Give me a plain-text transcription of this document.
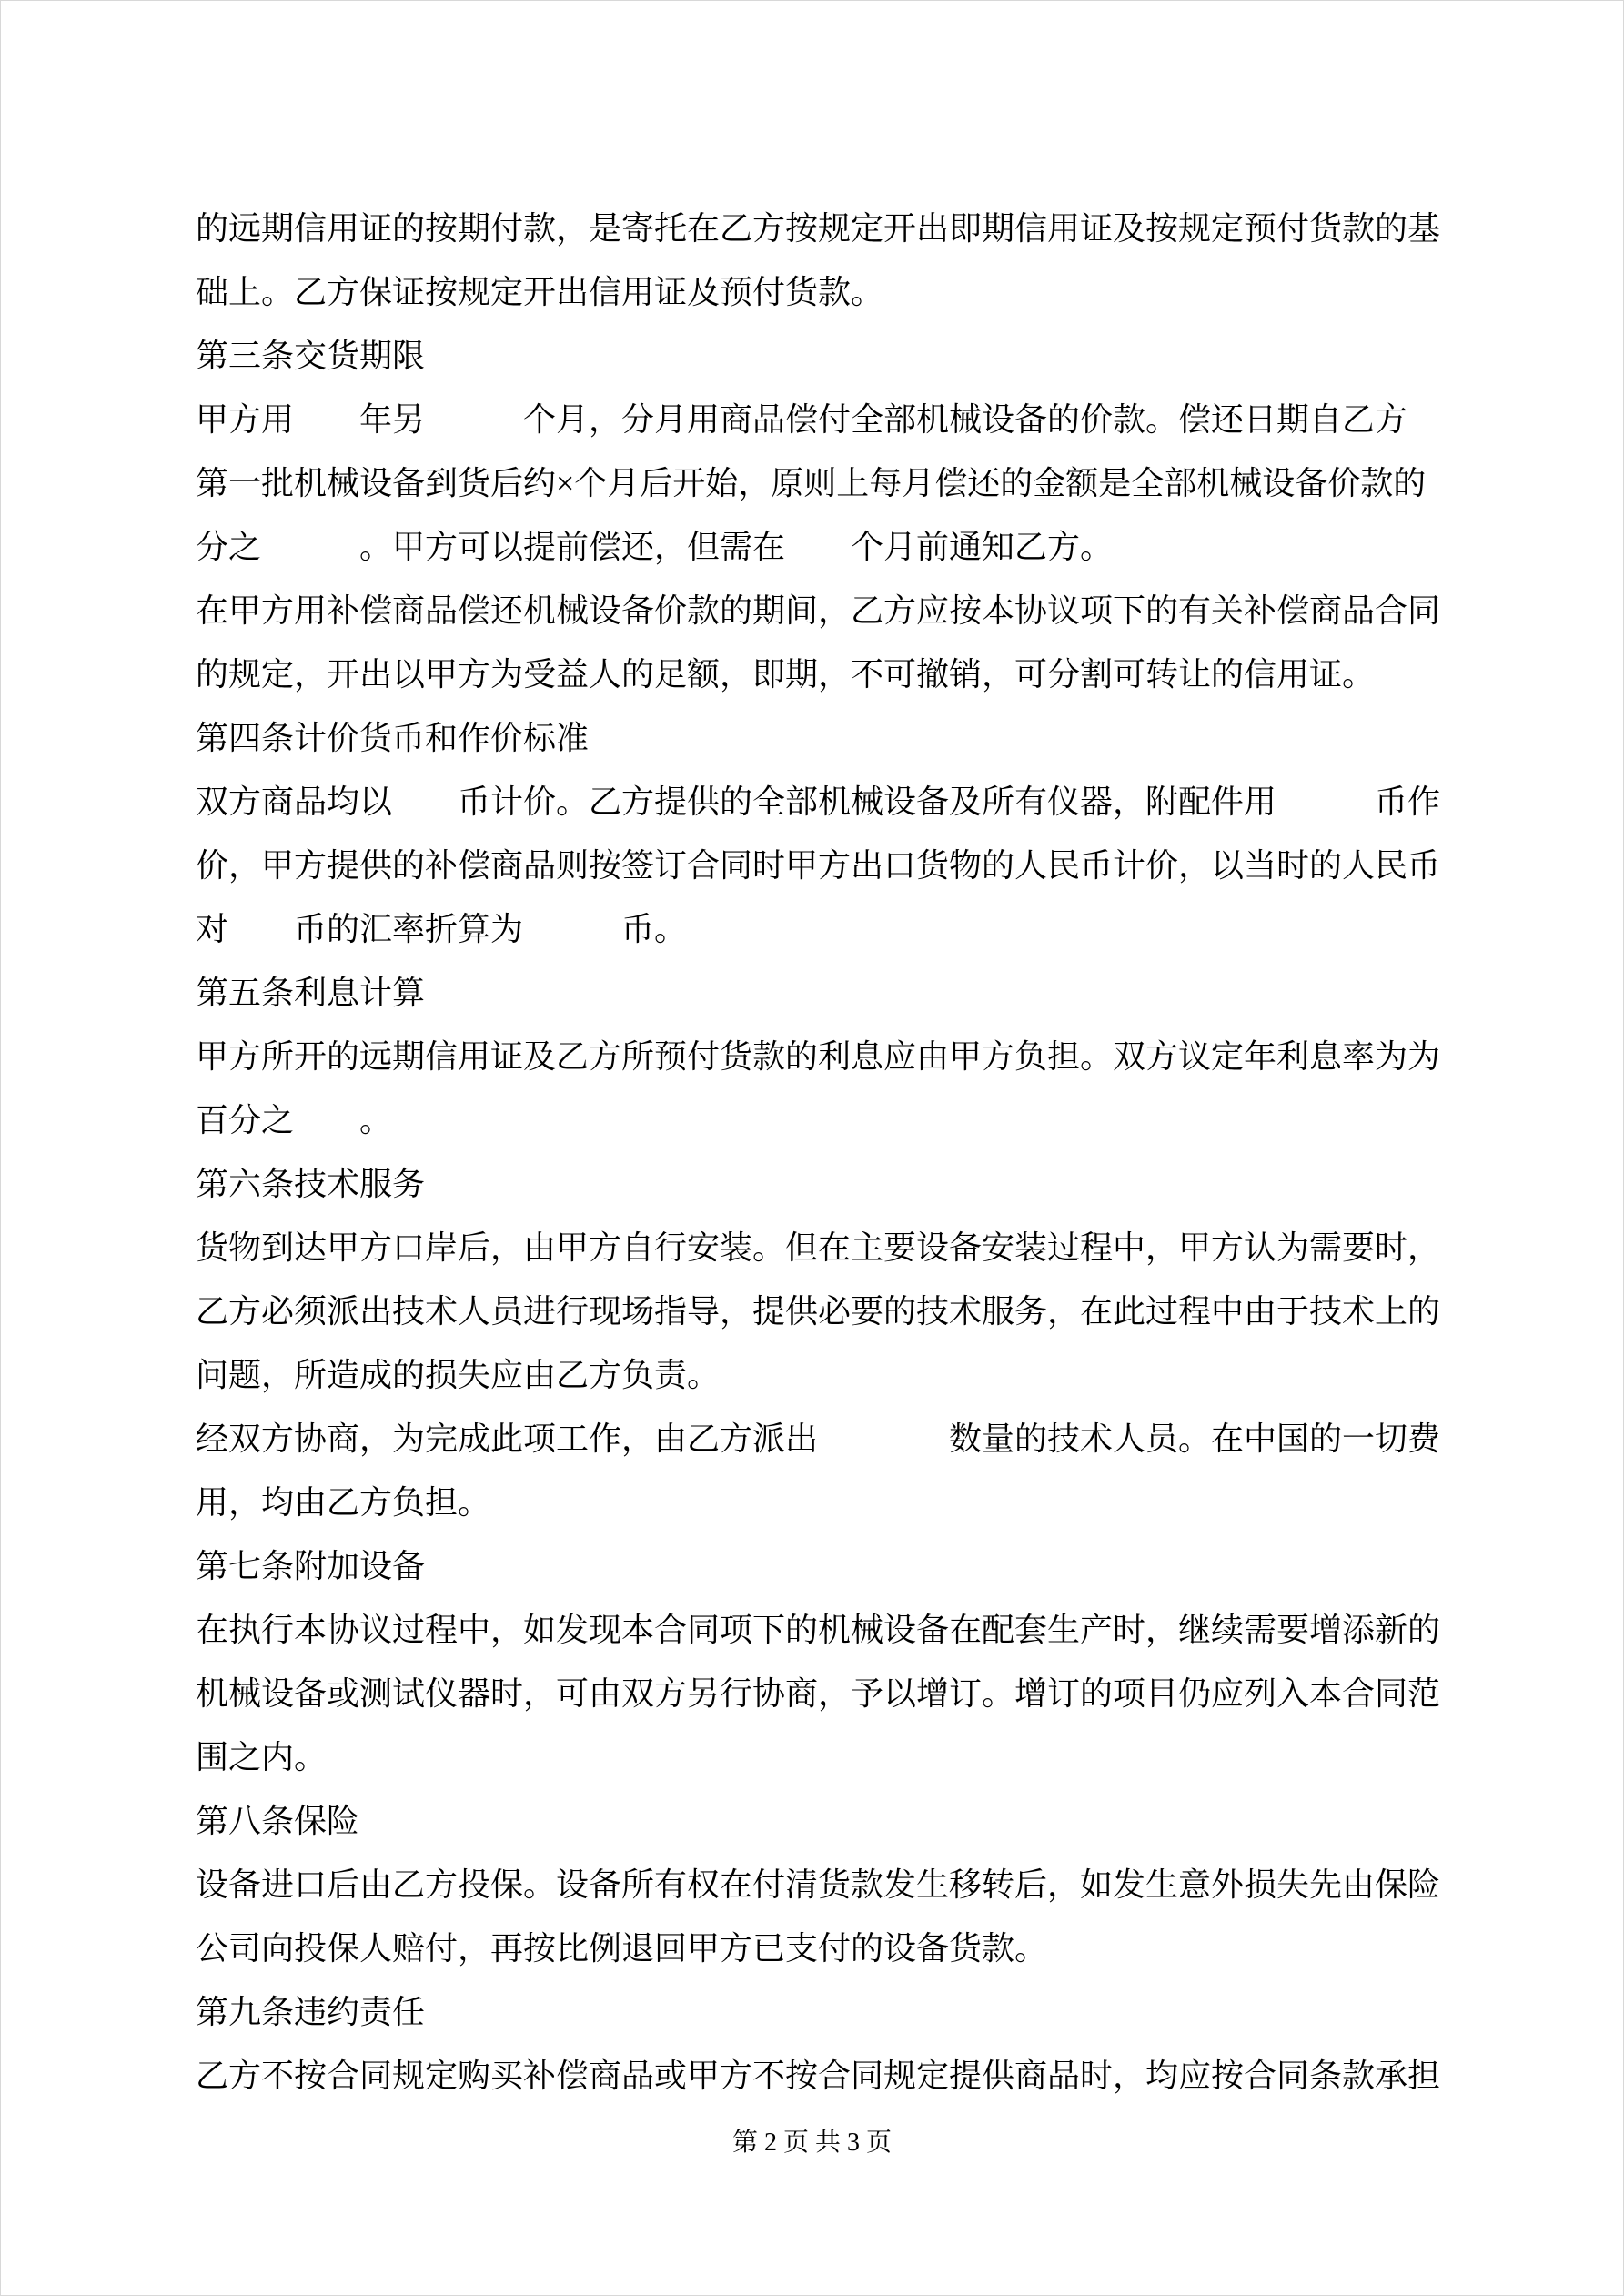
的远期信用证的按期付款，是寄托在乙方按规定开出即期信用证及按规定预付货款的基

础上。乙方保证按规定开出信用证及预付货款。

第三条交货期限

甲方用　　年另　　　个月，分月用商品偿付全部机械设备的价款。偿还日期自乙方

第一批机械设备到货后约×个月后开始，原则上每月偿还的金额是全部机械设备价款的

分之　　　。甲方可以提前偿还，但需在　　个月前通知乙方。

在甲方用补偿商品偿还机械设备价款的期间，乙方应按本协议项下的有关补偿商品合同

的规定，开出以甲方为受益人的足额，即期，不可撤销，可分割可转让的信用证。

第四条计价货币和作价标准

双方商品均以　　币计价。乙方提供的全部机械设备及所有仪器，附配件用　　　币作

价，甲方提供的补偿商品则按签订合同时甲方出口货物的人民币计价，以当时的人民币

对　　币的汇率折算为　　　币。

第五条利息计算

甲方所开的远期信用证及乙方所预付货款的利息应由甲方负担。双方议定年利息率为为

百分之　　。

第六条技术服务

货物到达甲方口岸后，由甲方自行安装。但在主要设备安装过程中，甲方认为需要时，

乙方必须派出技术人员进行现场指导，提供必要的技术服务，在此过程中由于技术上的

问题，所造成的损失应由乙方负责。

经双方协商，为完成此项工作，由乙方派出　　　　数量的技术人员。在中国的一切费

用，均由乙方负担。

第七条附加设备

在执行本协议过程中，如发现本合同项下的机械设备在配套生产时，继续需要增添新的

机械设备或测试仪器时，可由双方另行协商，予以增订。增订的项目仍应列入本合同范

围之内。

第八条保险

设备进口后由乙方投保。设备所有权在付清货款发生移转后，如发生意外损失先由保险

公司向投保人赔付，再按比例退回甲方已支付的设备货款。

第九条违约责任

乙方不按合同规定购买补偿商品或甲方不按合同规定提供商品时，均应按合同条款承担

第 2 页 共 3 页
